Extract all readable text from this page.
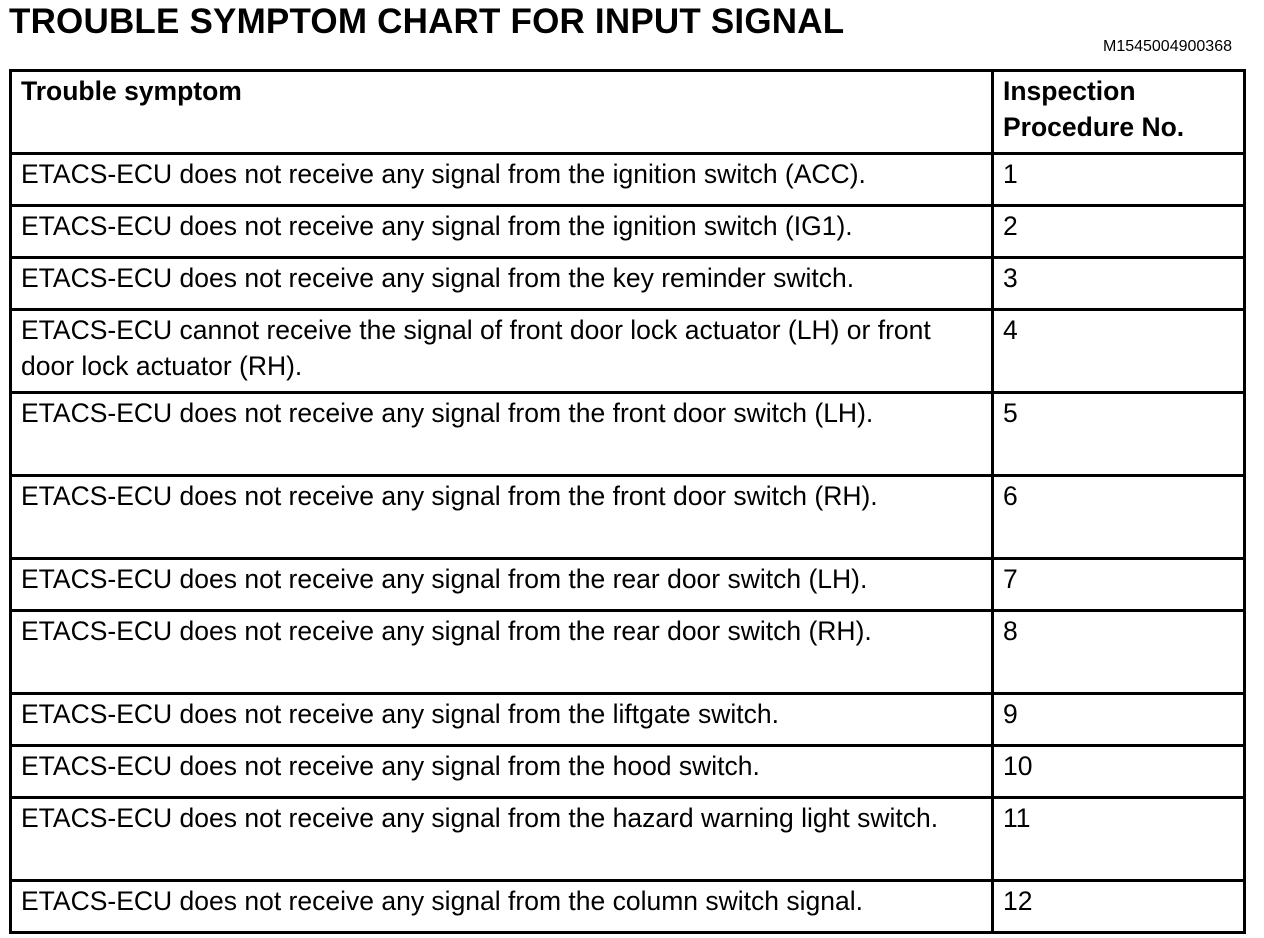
TROUBLE SYMPTOM CHART FOR INPUT SIGNAL
M1545004900368
Trouble symptom	Inspection Procedure No.
ETACS-ECU does not receive any signal from the ignition switch (ACC).	1
ETACS-ECU does not receive any signal from the ignition switch (IG1).	2
ETACS-ECU does not receive any signal from the key reminder switch.	3
ETACS-ECU cannot receive the signal of front door lock actuator (LH) or front door lock actuator (RH).	4
ETACS-ECU does not receive any signal from the front door switch (LH).	5
ETACS-ECU does not receive any signal from the front door switch (RH).	6
ETACS-ECU does not receive any signal from the rear door switch (LH).	7
ETACS-ECU does not receive any signal from the rear door switch (RH).	8
ETACS-ECU does not receive any signal from the liftgate switch.	9
ETACS-ECU does not receive any signal from the hood switch.	10
ETACS-ECU does not receive any signal from the hazard warning light switch.	11
ETACS-ECU does not receive any signal from the column switch signal.	12
